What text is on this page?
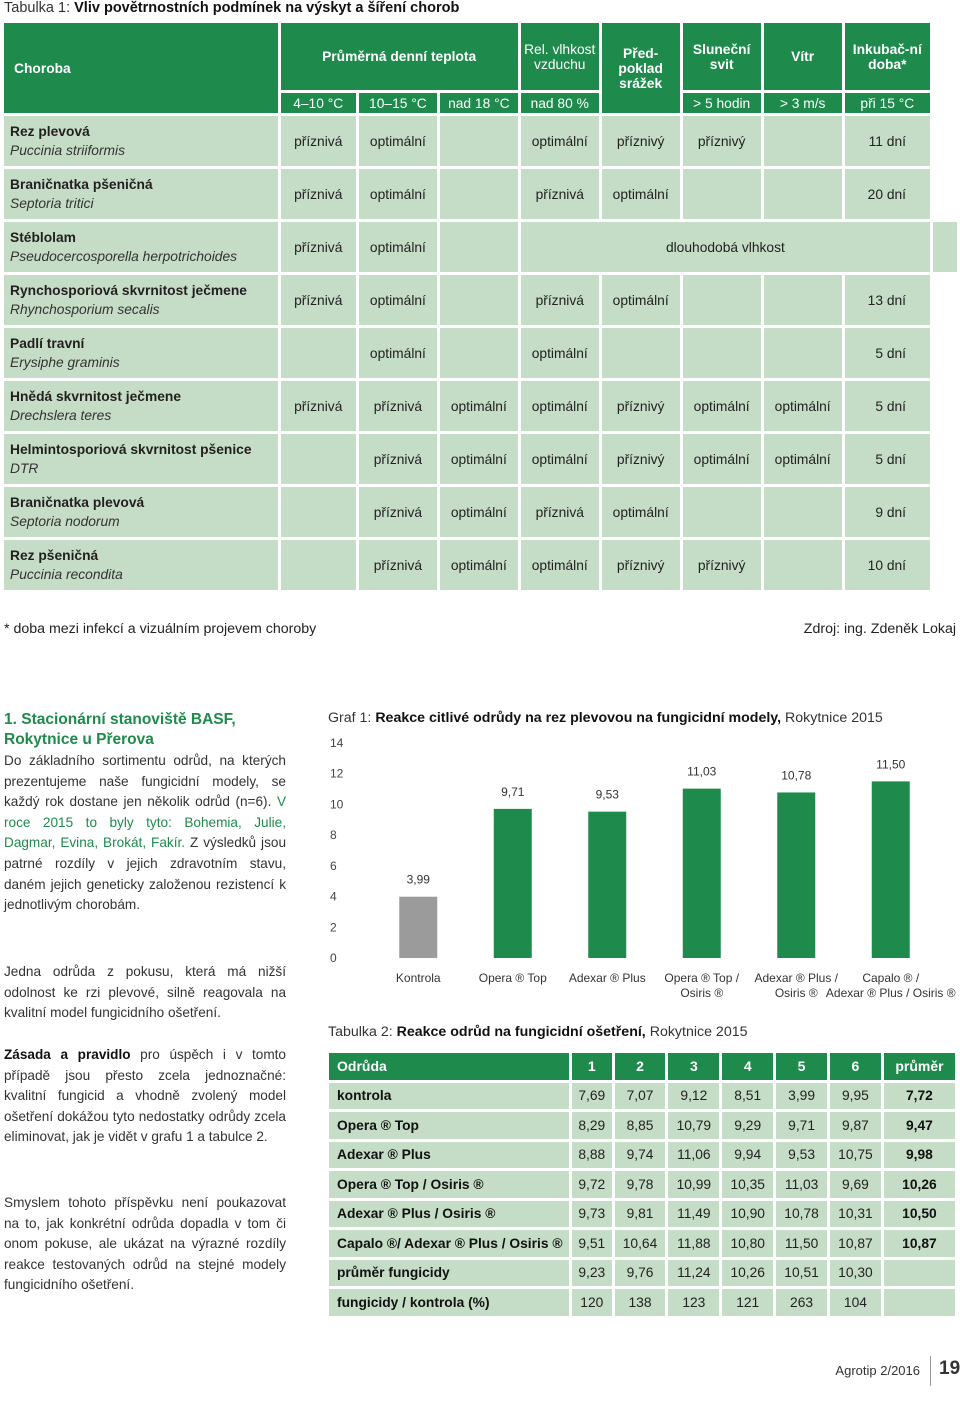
Tabulka 1: Vliv povětrnostních podmínek na výskyt a šíření chorob
Choroba	Průměrná denní teplota			Rel. vlhkost vzduchu	Před-poklad srážek	Sluneční svit	Vítr	Inkubač-ní doba*	
	4–10 °C	10–15 °C	nad 18 °C	nad 80 %		> 5 hodin	> 3 m/s	při 15 °C	

Rez plevová
Puccinia striiformis	příznivá	optimální		optimální	příznivý	příznivý		11 dní	

Braničnatka pšeničná
Septoria tritici	příznivá	optimální		příznivá	optimální			20 dní	

Stéblolam
Pseudocercosporella herpotrichoides	příznivá	optimální		dlouhodobá vlhkost					

Rynchosporiová skvrnitost ječmene
Rhynchosporium secalis	příznivá	optimální		příznivá	optimální			13 dní	

Padlí travní
Erysiphe graminis		optimální		optimální				5 dní	

Hnědá skvrnitost ječmene
Drechslera teres	příznivá	příznivá	optimální	optimální	příznivý	optimální	optimální	5 dní	

Helmintosporiová skvrnitost pšenice
DTR		příznivá	optimální	optimální	příznivý	optimální	optimální	5 dní	

Braničnatka plevová
Septoria nodorum		příznivá	optimální	příznivá	optimální			9 dní	

Rez pšeničná
Puccinia recondita		příznivá	optimální	optimální	příznivý	příznivý		10 dní	
* doba mezi infekcí a vizuálním projevem choroby	Zdroj: ing. Zdeněk Lokaj
1. Stacionární stanoviště BASF, Rokytnice u Přerova
Do základního sortimentu odrůd, na kterých prezentujeme naše fungicidní modely, se každý rok dostane jen několik odrůd (n=6). V roce 2015 to byly tyto: Bohemia, Julie, Dagmar, Evina, Brokát, Fakír. Z výsledků jsou patrné rozdíly v jejich zdravotním stavu, daném jejich geneticky založenou rezistencí k jednotlivým chorobám.
Jedna odrůda z pokusu, která má nižší odolnost ke rzi plevové, silně reagovala na kvalitní model fungicidního ošetření.
Zásada a pravidlo pro úspěch i v tomto případě jsou přesto zcela jednoznačné: kvalitní fungicid a vhodně zvolený model ošetření dokážou tyto nedostatky odrůdy zcela eliminovat, jak je vidět v grafu 1 a tabulce 2.
Smyslem tohoto příspěvku není poukazovat na to, jak konkrétní odrůda dopadla v tom či onom pokuse, ale ukázat na výrazné rozdíly reakce testovaných odrůd na stejné modely fungicidního ošetření.
Graf 1: Reakce citlivé odrůdy na rez plevovou na fungicidní modely, Rokytnice 2015
0
2
4
6
8
10
12
14
3,99
Kontrola
9,71
Opera ® Top
9,53
Adexar ® Plus
11,03
Opera ® Top /
Osiris ®
10,78
Adexar ® Plus /
Osiris ®
11,50
Capalo ® /
Adexar ® Plus / Osiris ®
Tabulka 2: Reakce odrůd na fungicidní ošetření, Rokytnice 2015
Odrůda	1	2	3	4	5	6	průměr
kontrola	7,69	7,07	9,12	8,51	3,99	9,95	7,72
Opera ® Top	8,29	8,85	10,79	9,29	9,71	9,87	9,47
Adexar ® Plus	8,88	9,74	11,06	9,94	9,53	10,75	9,98
Opera ® Top / Osiris ®	9,72	9,78	10,99	10,35	11,03	9,69	10,26
Adexar ® Plus / Osiris ®	9,73	9,81	11,49	10,90	10,78	10,31	10,50
Capalo ®/ Adexar ® Plus / Osiris ®	9,51	10,64	11,88	10,80	11,50	10,87	10,87
průměr fungicidy	9,23	9,76	11,24	10,26	10,51	10,30	
fungicidy / kontrola (%)	120	138	123	121	263	104	
Agrotip 2/2016 19
